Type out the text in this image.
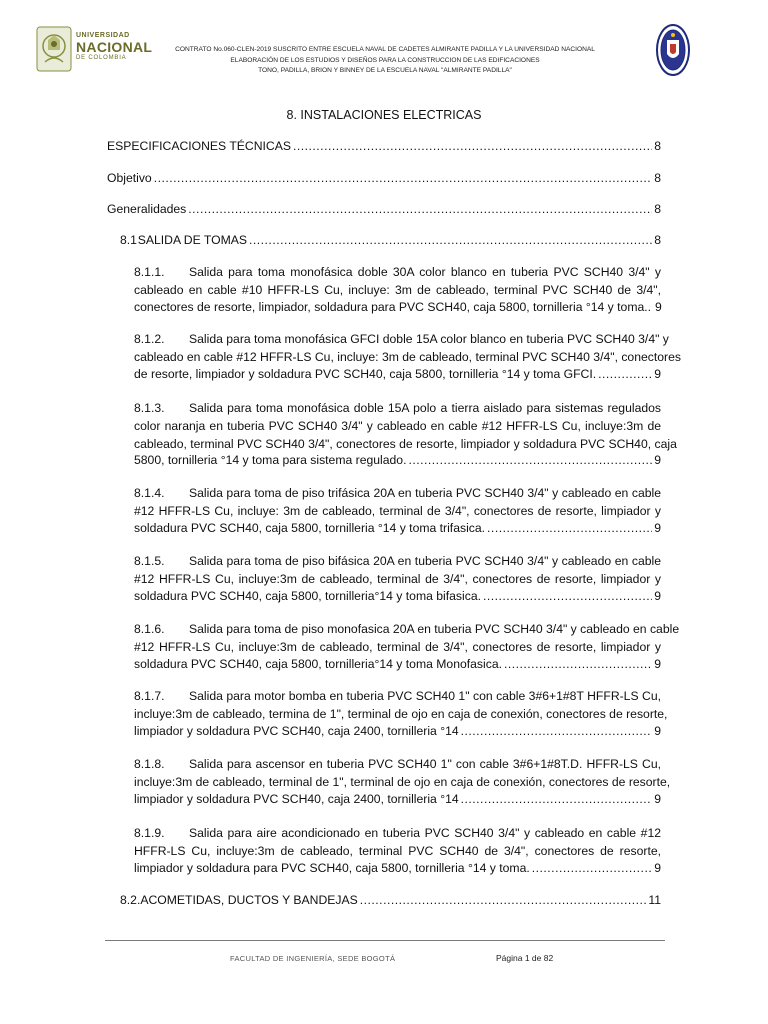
UNIVERSIDAD
NACIONAL
DE COLOMBIA
CONTRATO No.060-CLEN-2019 SUSCRITO ENTRE ESCUELA NAVAL DE CADETES ALMIRANTE PADILLA Y LA UNIVERSIDAD NACIONAL
ELABORACIÓN DE LOS ESTUDIOS Y DISEÑOS PARA LA CONSTRUCCION DE LAS EDIFICACIONES
TONO, PADILLA, BRION Y BINNEY DE LA ESCUELA NAVAL "ALMIRANTE PADILLA"
8. INSTALACIONES ELECTRICAS
ESPECIFICACIONES TÉCNICAS .....	8
Objetivo .....	8
Generalidades .....	8
8.1 SALIDA DE TOMAS .....	8
8.1.1. Salida para toma monofásica doble 30A color blanco en tuberia PVC SCH40 3/4" y
cableado en cable #10 HFFR-LS Cu, incluye: 3m de cableado, terminal PVC SCH40 de 3/4",
conectores de resorte, limpiador, soldadura para PVC SCH40, caja 5800, tornilleria °14 y toma.. 9
8.1.2. Salida para toma monofásica GFCI doble 15A color blanco en tuberia PVC SCH40 3/4" y
cableado en cable #12 HFFR-LS Cu, incluye: 3m de cableado, terminal PVC SCH40 3/4", conectores
de resorte, limpiador y soldadura PVC SCH40, caja 5800, tornilleria °14 y toma GFCI. .....	9
8.1.3. Salida para toma monofásica doble 15A polo a tierra aislado para sistemas regulados
color naranja en tuberia PVC SCH40 3/4" y cableado en cable #12 HFFR-LS Cu, incluye:3m de
cableado, terminal PVC SCH40 3/4", conectores de resorte, limpiador y soldadura PVC SCH40, caja
5800, tornilleria °14 y toma para sistema regulado. .....	9
8.1.4. Salida para toma de piso trifásica 20A en tuberia PVC SCH40 3/4" y cableado en cable
#12 HFFR-LS Cu, incluye: 3m de cableado, terminal de 3/4", conectores de resorte, limpiador y
soldadura PVC SCH40, caja 5800, tornilleria °14 y toma trifasica. .....	9
8.1.5. Salida para toma de piso bifásica 20A en tuberia PVC SCH40 3/4" y cableado en cable
#12 HFFR-LS Cu, incluye:3m de cableado, terminal de 3/4", conectores de resorte, limpiador y
soldadura PVC SCH40, caja 5800, tornilleria°14 y toma bifasica. .....	9
8.1.6. Salida para toma de piso monofasica 20A en tuberia PVC SCH40 3/4" y cableado en cable
#12 HFFR-LS Cu, incluye:3m de cableado, terminal de 3/4", conectores de resorte, limpiador y
soldadura PVC SCH40, caja 5800, tornilleria°14 y toma Monofasica. .....	9
8.1.7. Salida para motor bomba en tuberia PVC SCH40 1" con cable 3#6+1#8T HFFR-LS Cu,
incluye:3m de cableado, termina de 1", terminal de ojo en caja de conexión, conectores de resorte,
limpiador y soldadura PVC SCH40, caja 2400, tornilleria °14 .....	9
8.1.8. Salida para ascensor en tuberia PVC SCH40 1" con cable 3#6+1#8T.D. HFFR-LS Cu,
incluye:3m de cableado, terminal de 1", terminal de ojo en caja de conexión, conectores de resorte,
limpiador y soldadura PVC SCH40, caja 2400, tornilleria °14 .....	9
8.1.9. Salida para aire acondicionado en tuberia PVC SCH40 3/4" y cableado en cable #12
HFFR-LS Cu, incluye:3m de cableado, terminal PVC SCH40 de 3/4", conectores de resorte,
limpiador y soldadura para PVC SCH40, caja 5800, tornilleria °14 y toma. .....	9
8.2. ACOMETIDAS, DUCTOS Y BANDEJAS .....	11
FACULTAD DE INGENIERÍA, SEDE BOGOTÁ	Página 1 de 82
